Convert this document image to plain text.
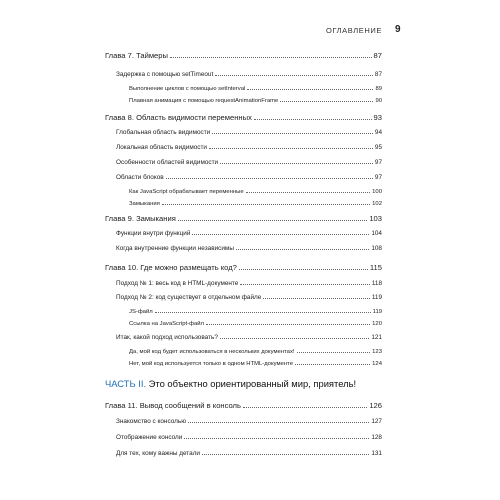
ОГЛАВЛЕНИЕ 9
Глава 7. Таймеры	87
Задержка с помощью setTimeout	87
Выполнение циклов с помощью setInterval	89
Плавная анимация с помощью requestAnimationFrame	90
Глава 8. Область видимости переменных	93
Глобальная область видимости	94
Локальная область видимости	95
Особенности областей видимости	97
Области блоков	97
Как JavaScript обрабатывает переменные	100
Замыкания	102
Глава 9. Замыкания	103
Функции внутри функций	104
Когда внутренние функции независимы	108
Глава 10. Где можно размещать код?	115
Подход № 1: весь код в HTML-документе	118
Подход № 2: код существует в отдельном файле	119
JS-файл	119
Ссылка на JavaScript-файл	120
Итак, какой подход использовать?	121
Да, мой код будет использоваться в нескольких документах!	123
Нет, мой код используется только в одном HTML-документе	124
ЧАСТЬ II. Это объектно ориентированный мир, приятель!
Глава 11. Вывод сообщений в консоль	126
Знакомство с консолью	127
Отображение консоли	128
Для тех, кому важны детали	131
